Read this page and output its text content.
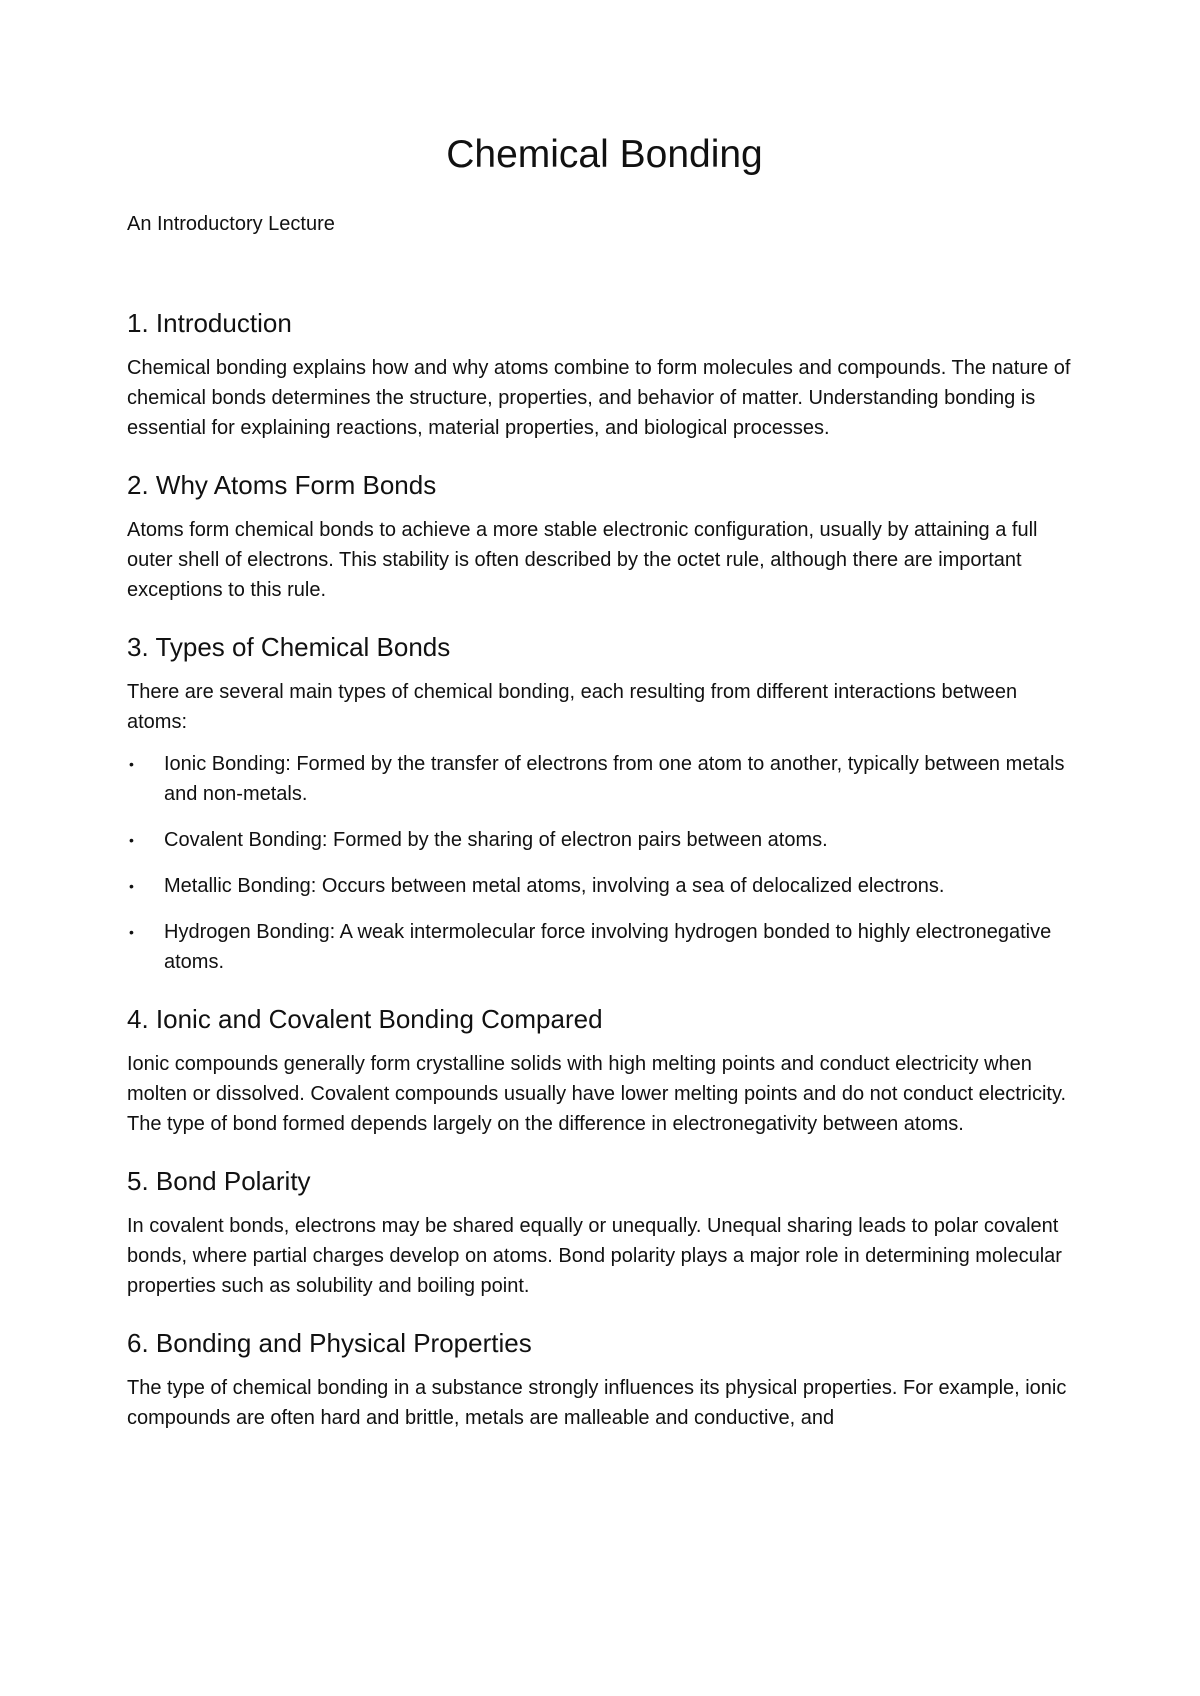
Chemical Bonding

An Introductory Lecture

1. Introduction

Chemical bonding explains how and why atoms combine to form molecules and compounds. The nature of chemical bonds determines the structure, properties, and behavior of matter. Understanding bonding is essential for explaining reactions, material properties, and biological processes.

2. Why Atoms Form Bonds

Atoms form chemical bonds to achieve a more stable electronic configuration, usually by attaining a full outer shell of electrons. This stability is often described by the octet rule, although there are important exceptions to this rule.

3. Types of Chemical Bonds

There are several main types of chemical bonding, each resulting from different interactions between atoms:

• Ionic Bonding: Formed by the transfer of electrons from one atom to another, typically between metals and non-metals.
• Covalent Bonding: Formed by the sharing of electron pairs between atoms.
• Metallic Bonding: Occurs between metal atoms, involving a sea of delocalized electrons.
• Hydrogen Bonding: A weak intermolecular force involving hydrogen bonded to highly electronegative atoms.
4. Ionic and Covalent Bonding Compared

Ionic compounds generally form crystalline solids with high melting points and conduct electricity when molten or dissolved. Covalent compounds usually have lower melting points and do not conduct electricity. The type of bond formed depends largely on the difference in electronegativity between atoms.

5. Bond Polarity

In covalent bonds, electrons may be shared equally or unequally. Unequal sharing leads to polar covalent bonds, where partial charges develop on atoms. Bond polarity plays a major role in determining molecular properties such as solubility and boiling point.

6. Bonding and Physical Properties

The type of chemical bonding in a substance strongly influences its physical properties. For example, ionic compounds are often hard and brittle, metals are malleable and conductive, and
